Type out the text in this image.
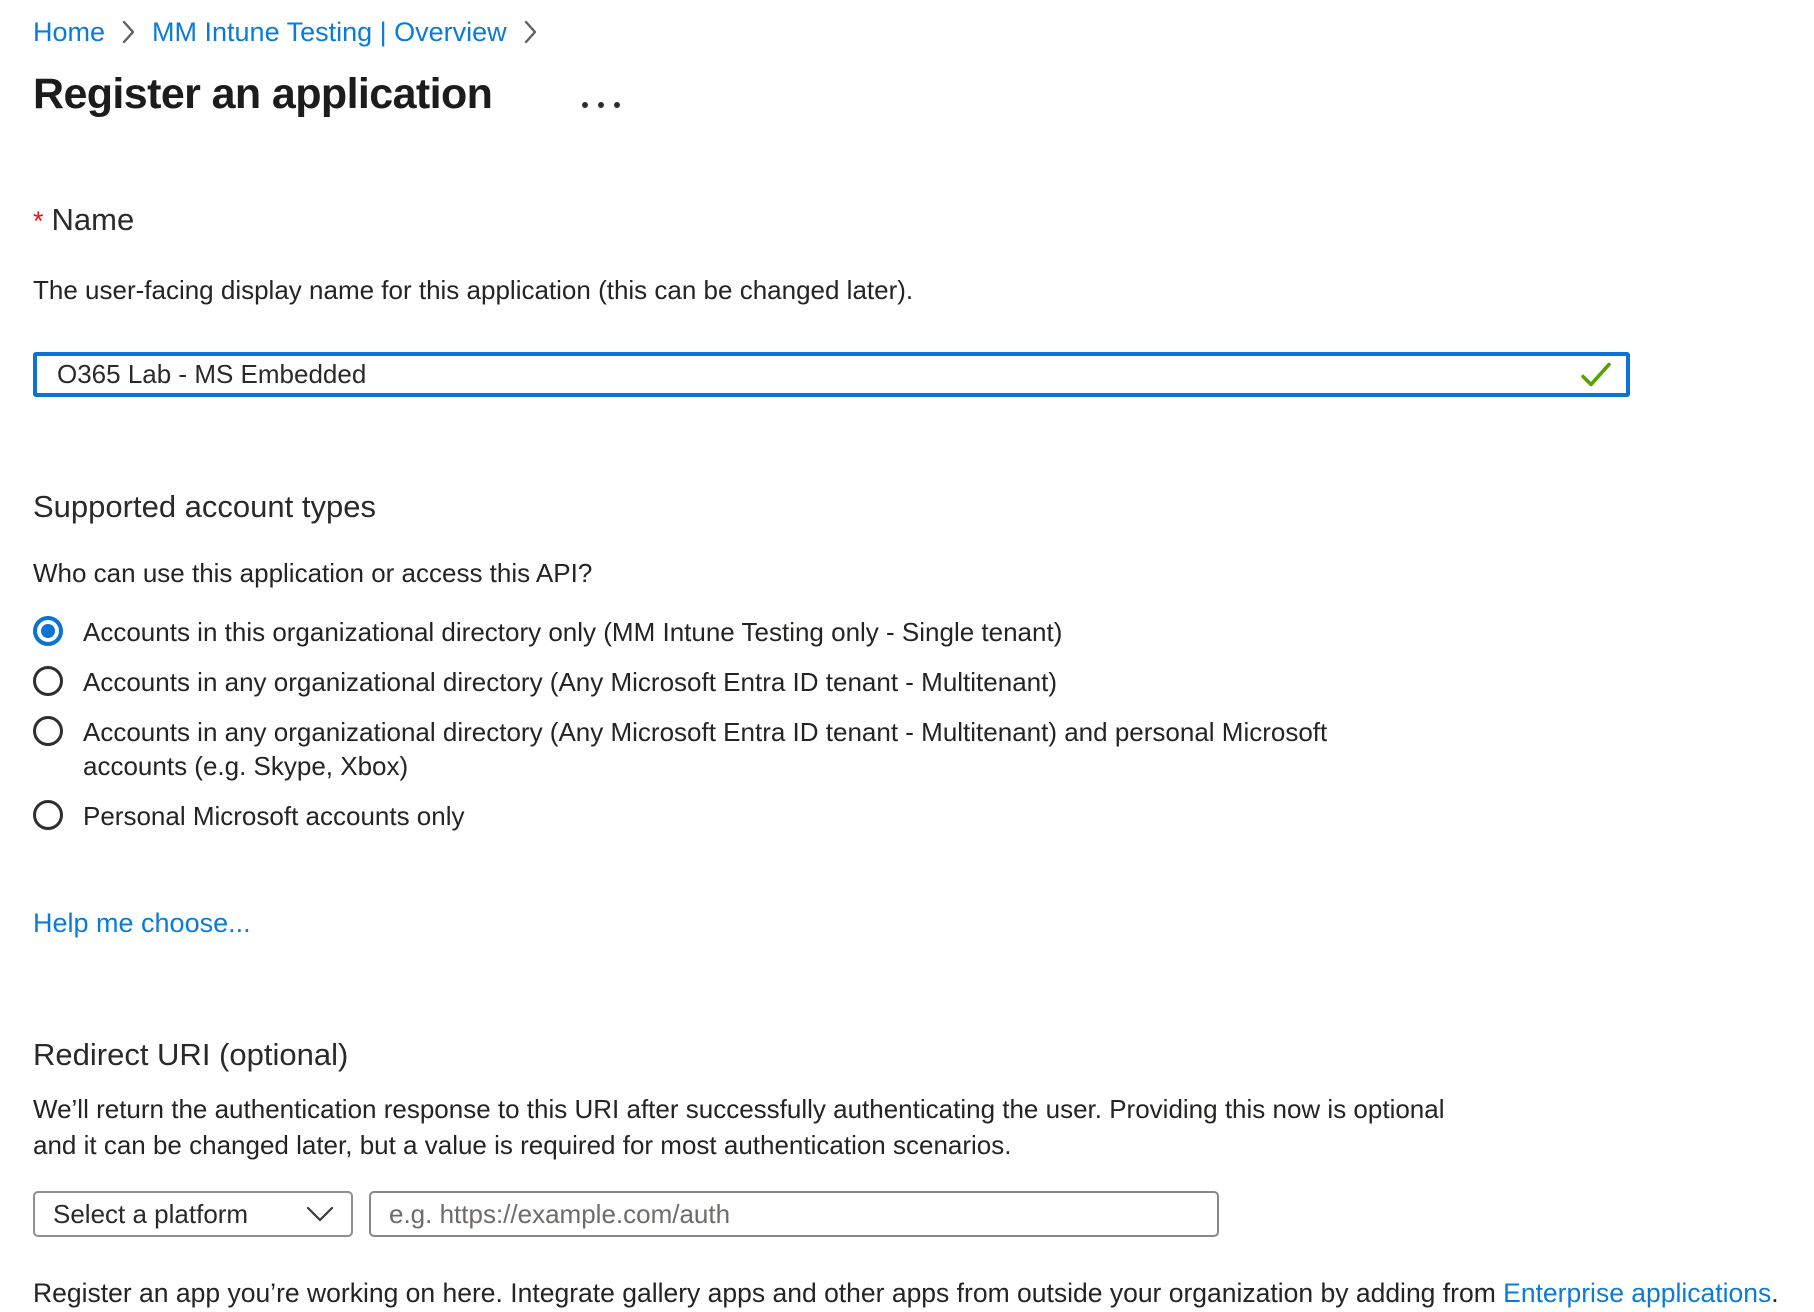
Home MM Intune Testing | Overview
Register an application
* Name

The user-facing display name for this application (this can be changed later).

O365 Lab - MS Embedded
Supported account types

Who can use this application or access this API?

Accounts in this organizational directory only (MM Intune Testing only - Single tenant)
Accounts in any organizational directory (Any Microsoft Entra ID tenant - Multitenant)
Accounts in any organizational directory (Any Microsoft Entra ID tenant - Multitenant) and personal Microsoft
accounts (e.g. Skype, Xbox)
Personal Microsoft accounts only
Help me choose...
Redirect URI (optional)

We’ll return the authentication response to this URI after successfully authenticating the user. Providing this now is optional and it can be changed later, but a value is required for most authentication scenarios.

Select a platform
e.g. https://example.com/auth

Register an app you’re working on here. Integrate gallery apps and other apps from outside your organization by adding from Enterprise applications.
